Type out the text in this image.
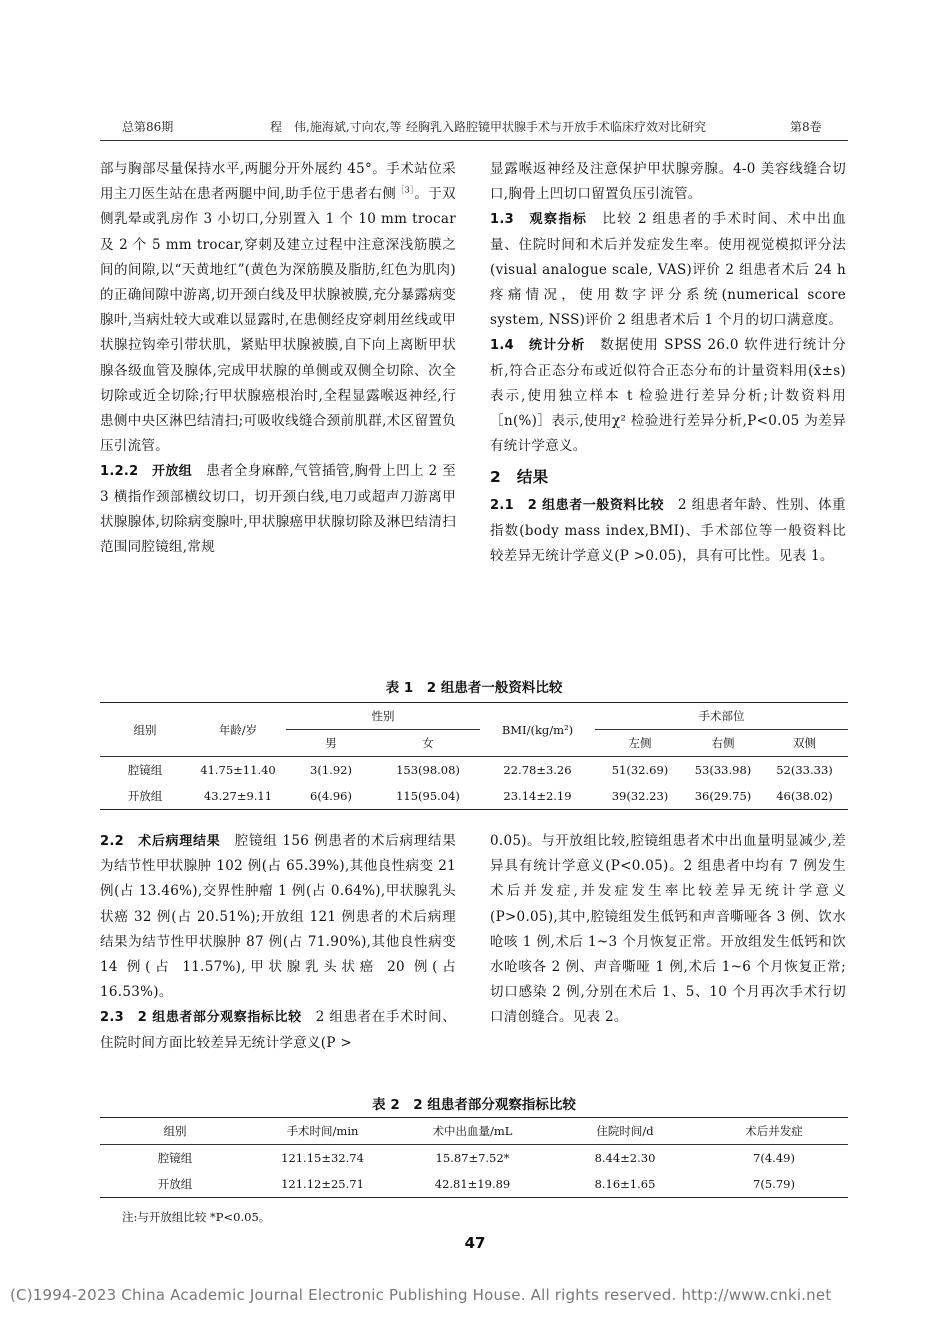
总第86期	程　伟,施海斌,寸向农,等 经胸乳入路腔镜甲状腺手术与开放手术临床疗效对比研究	第8卷

部与胸部尽量保持水平,两腿分开外展约 45°。手术站位采用主刀医生站在患者两腿中间,助手位于患者右侧$^{[3]}$。于双侧乳晕或乳房作 3 小切口,分别置入 1 个 10 mm trocar 及 2 个 5 mm trocar,穿刺及建立过程中注意深浅筋膜之间的间隙,以“天黄地红”(黄色为深筋膜及脂肪,红色为肌肉)的正确间隙中游离,切开颈白线及甲状腺被膜,充分暴露病变腺叶,当病灶较大或难以显露时,在患侧经皮穿刺用丝线或甲状腺拉钩牵引带状肌，紧贴甲状腺被膜,自下向上离断甲状腺各级血管及腺体,完成甲状腺的单侧或双侧全切除、次全切除或近全切除;行甲状腺癌根治时,全程显露喉返神经,行患侧中央区淋巴结清扫;可吸收线缝合颈前肌群,术区留置负压引流管。

1.2.2　开放组　患者全身麻醉,气管插管,胸骨上凹上 2 至 3 横指作颈部横纹切口，切开颈白线,电刀或超声刀游离甲状腺腺体,切除病变腺叶,甲状腺癌甲状腺切除及淋巴结清扫范围同腔镜组,常规

显露喉返神经及注意保护甲状腺旁腺。4-0 美容线缝合切口,胸骨上凹切口留置负压引流管。

1.3　观察指标　比较 2 组患者的手术时间、术中出血量、住院时间和术后并发症发生率。使用视觉模拟评分法(visual analogue scale, VAS)评价 2 组患者术后 24 h 疼痛情况，使用数字评分系统(numerical score system, NSS)评价 2 组患者术后 1 个月的切口满意度。

1.4　统计分析　数据使用 SPSS 26.0 软件进行统计分析,符合正态分布或近似符合正态分布的计量资料用(x̄±s)表示,使用独立样本 t 检验进行差异分析;计数资料用［n(%)］表示,使用χ² 检验进行差异分析,P<0.05 为差异有统计学意义。

2　结果

2.1　2 组患者一般资料比较　2 组患者年龄、性别、体重指数(body mass index,BMI)、手术部位等一般资料比较差异无统计学意义(P >0.05)，具有可比性。见表 1。

表 1　2 组患者一般资料比较
组别	年龄/岁	性别		BMI/(kg/m²)	手术部位		
		男	女		左侧	右侧	双侧
腔镜组	41.75±11.40	3(1.92)	153(98.08)	22.78±3.26	51(32.69)	53(33.98)	52(33.33)
开放组	43.27±9.11	6(4.96)	115(95.04)	23.14±2.19	39(32.23)	36(29.75)	46(38.02)

2.2　术后病理结果　腔镜组 156 例患者的术后病理结果为结节性甲状腺肿 102 例(占 65.39%),其他良性病变 21 例(占 13.46%),交界性肿瘤 1 例(占 0.64%),甲状腺乳头状癌 32 例(占 20.51%);开放组 121 例患者的术后病理结果为结节性甲状腺肿 87 例(占 71.90%),其他良性病变 14 例(占 11.57%),甲状腺乳头状癌 20 例(占 16.53%)。

2.3　2 组患者部分观察指标比较　2 组患者在手术时间、住院时间方面比较差异无统计学意义(P >

0.05)。与开放组比较,腔镜组患者术中出血量明显减少,差异具有统计学意义(P<0.05)。2 组患者中均有 7 例发生术后并发症,并发症发生率比较差异无统计学意义(P>0.05),其中,腔镜组发生低钙和声音嘶哑各 3 例、饮水呛咳 1 例,术后 1~3 个月恢复正常。开放组发生低钙和饮水呛咳各 2 例、声音嘶哑 1 例,术后 1~6 个月恢复正常;切口感染 2 例,分别在术后 1、5、10 个月再次手术行切口清创缝合。见表 2。

表 2　2 组患者部分观察指标比较
组别	手术时间/min	术中出血量/mL	住院时间/d	术后并发症
腔镜组	121.15±32.74	15.87±7.52*	8.44±2.30	7(4.49)
开放组	121.12±25.71	42.81±19.89	8.16±1.65	7(5.79)
注:与开放组比较 *P<0.05。
47
(C)1994-2023 China Academic Journal Electronic Publishing House. All rights reserved. http://www.cnki.net
